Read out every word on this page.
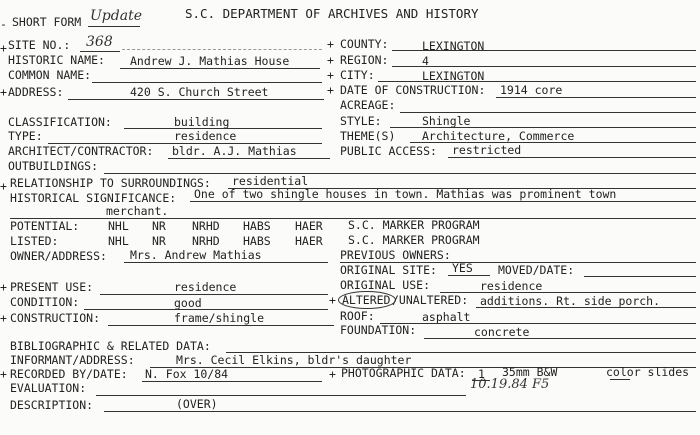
-
+
+
+
+
+
+
+
+
+
+
+
+
SHORT FORM Update	S.C. DEPARTMENT OF ARCHIVES AND HISTORY
SITE NO.: 368
HISTORIC NAME: Andrew J. Mathias House
COMMON NAME:
ADDRESS:	420 S. Church Street
COUNTY:	LEXINGTON
REGION:	4
CITY:	LEXINGTON
DATE OF CONSTRUCTION: 1914 core
ACREAGE:
CLASSIFICATION:	building
TYPE:	residence
ARCHITECT/CONTRACTOR: bldr. A.J. Mathias
OUTBUILDINGS:
STYLE:	Shingle
THEME(S) Architecture, Commerce
PUBLIC ACCESS: restricted
RELATIONSHIP TO SURROUNDINGS: residential
HISTORICAL SIGNIFICANCE: One of two shingle houses in town. Mathias was prominent town
merchant.
POTENTIAL:	NHL NR NRHD HABS HAER S.C. MARKER PROGRAM
LISTED:	NHL NR NRHD HABS HAER S.C. MARKER PROGRAM
OWNER/ADDRESS: Mrs. Andrew Mathias	PREVIOUS OWNERS:
ORIGINAL SITE: YES MOVED/DATE:
ORIGINAL USE:	residence
PRESENT USE:	residence
CONDITION:	good
CONSTRUCTION:	frame/shingle
ALTERED /UNALTERED: additions. Rt. side porch.
ROOF:	asphalt
FOUNDATION:	concrete
BIBLIOGRAPHIC & RELATED DATA:
INFORMANT/ADDRESS:	Mrs. Cecil Elkins, bldr's daughter
RECORDED BY/DATE: N. Fox 10/84	PHOTOGRAPHIC DATA: 1 35mm B&W	color slides
10.19.84 F5
EVALUATION:
DESCRIPTION:	(OVER)
